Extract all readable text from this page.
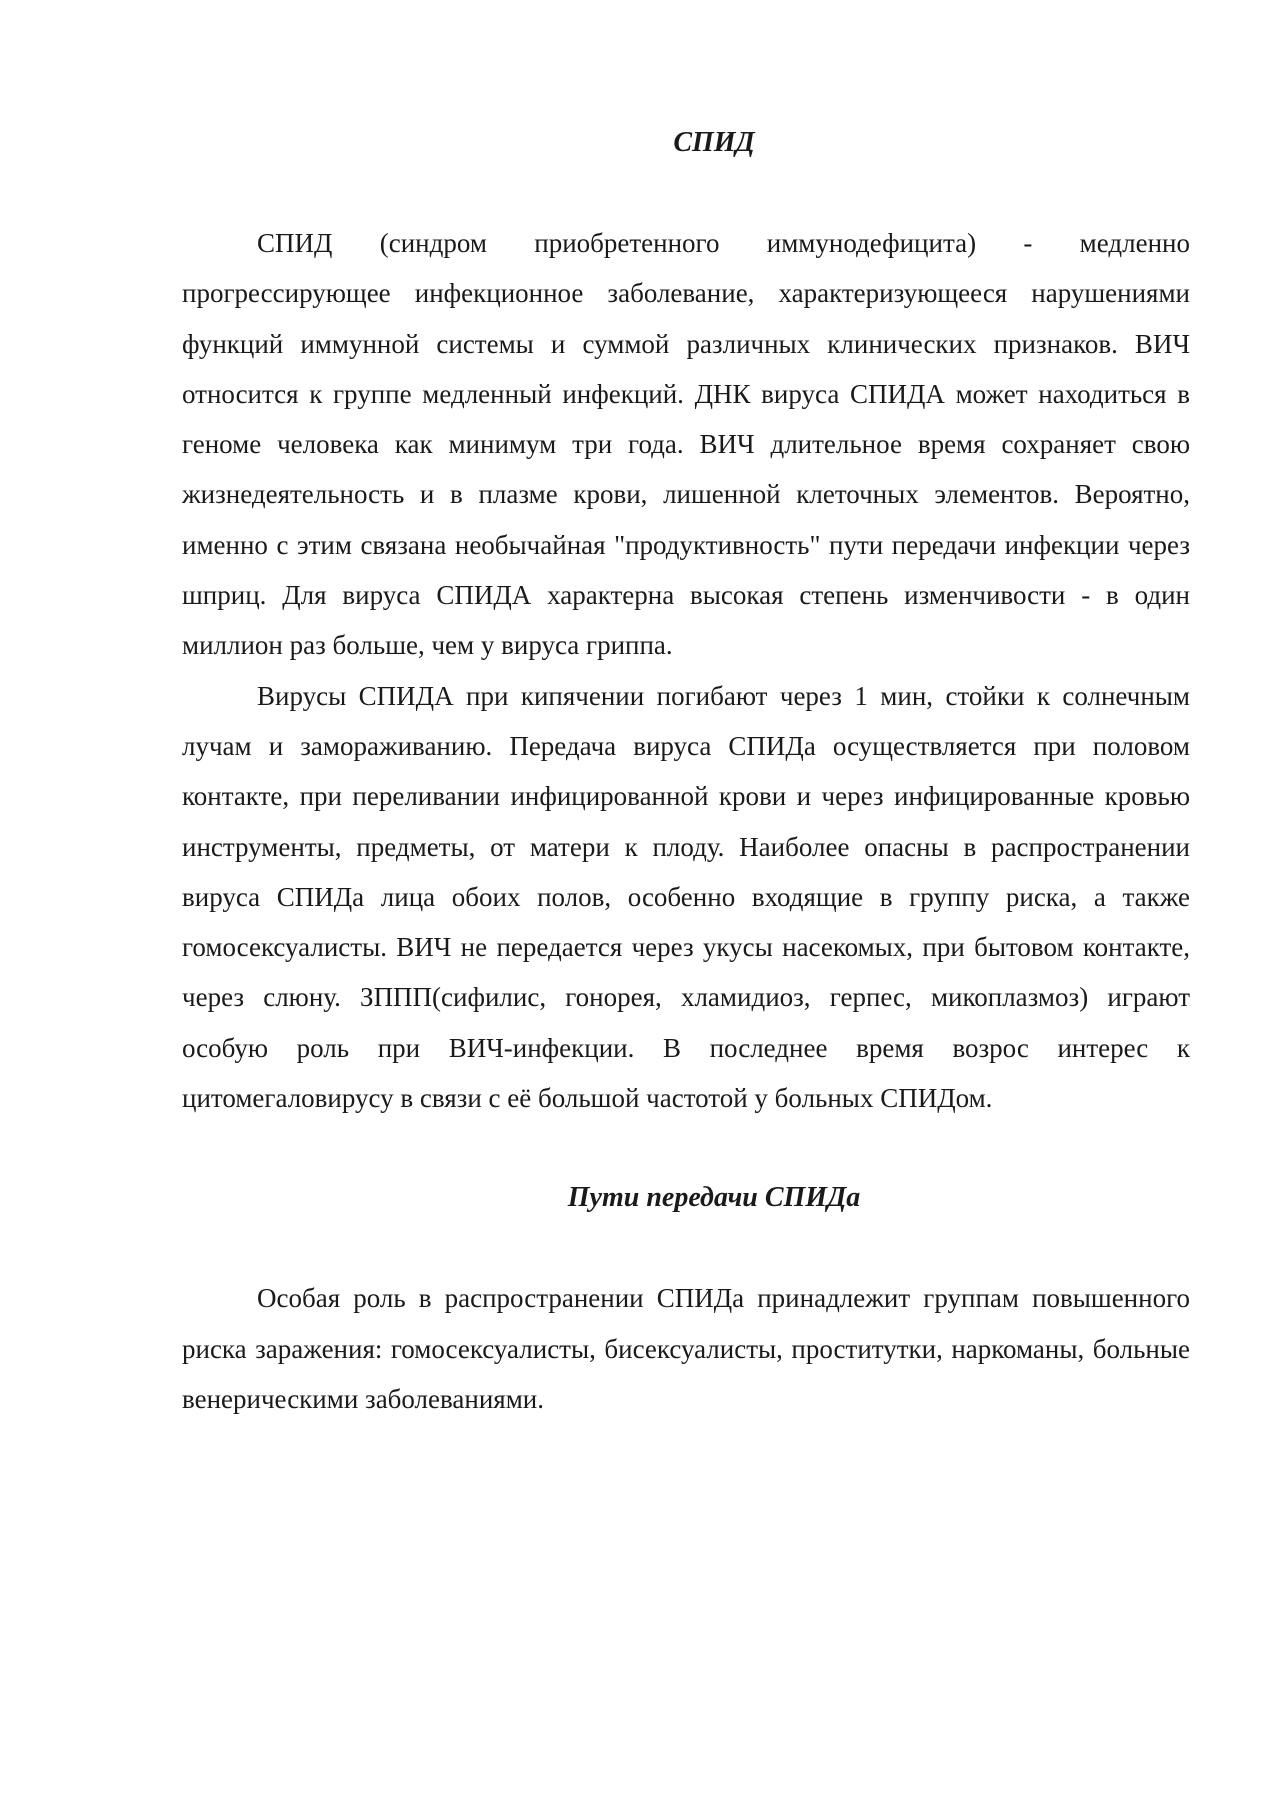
СПИД

СПИД (синдром приобретенного иммунодефицита) - медленно прогрессирующее инфекционное заболевание, характеризующееся нарушениями функций иммунной системы и суммой различных клинических признаков. ВИЧ относится к группе медленный инфекций. ДНК вируса СПИДА может находиться в геноме человека как минимум три года. ВИЧ длительное время сохраняет свою жизнедеятельность и в плазме крови, лишенной клеточных элементов. Вероятно, именно с этим связана необычайная "продуктивность" пути передачи инфекции через шприц. Для вируса СПИДА характерна высокая степень изменчивости - в один миллион раз больше, чем у вируса гриппа.

Вирусы СПИДА при кипячении погибают через 1 мин, стойки к солнечным лучам и замораживанию. Передача вируса СПИДа осуществляется при половом контакте, при переливании инфицированной крови и через инфицированные кровью инструменты, предметы, от матери к плоду. Наиболее опасны в распространении вируса СПИДа лица обоих полов, особенно входящие в группу риска, а также гомосексуалисты. ВИЧ не передается через укусы насекомых, при бытовом контакте, через слюну. ЗППП(сифилис, гонорея, хламидиоз, герпес, микоплазмоз) играют особую роль при ВИЧ-инфекции. В последнее время возрос интерес к цитомегаловирусу в связи с её большой частотой у больных СПИДом.

Пути передачи СПИДа

Особая роль в распространении СПИДа принадлежит группам повышенного риска заражения: гомосексуалисты, бисексуалисты, проститутки, наркоманы, больные венерическими заболеваниями.
